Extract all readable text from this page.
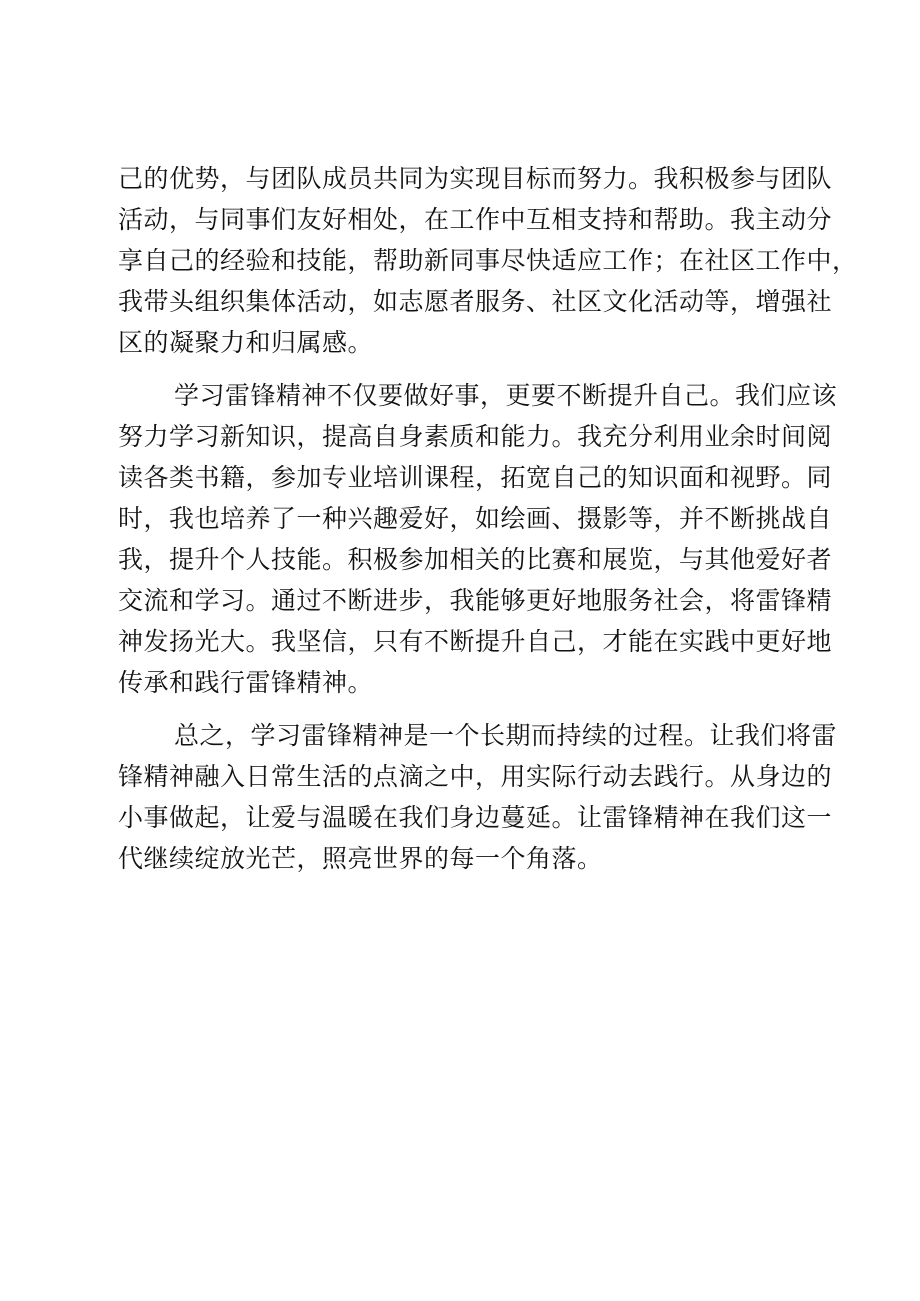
己的优势，与团队成员共同为实现目标而努力。我积极参与团队
活动，与同事们友好相处，在工作中互相支持和帮助。我主动分
享自己的经验和技能，帮助新同事尽快适应工作；在社区工作中，
我带头组织集体活动，如志愿者服务、社区文化活动等，增强社
区的凝聚力和归属感。
学习雷锋精神不仅要做好事，更要不断提升自己。我们应该
努力学习新知识，提高自身素质和能力。我充分利用业余时间阅
读各类书籍，参加专业培训课程，拓宽自己的知识面和视野。同
时，我也培养了一种兴趣爱好，如绘画、摄影等，并不断挑战自
我，提升个人技能。积极参加相关的比赛和展览，与其他爱好者
交流和学习。通过不断进步，我能够更好地服务社会，将雷锋精
神发扬光大。我坚信，只有不断提升自己，才能在实践中更好地
传承和践行雷锋精神。
总之，学习雷锋精神是一个长期而持续的过程。让我们将雷
锋精神融入日常生活的点滴之中，用实际行动去践行。从身边的
小事做起，让爱与温暖在我们身边蔓延。让雷锋精神在我们这一
代继续绽放光芒，照亮世界的每一个角落。
